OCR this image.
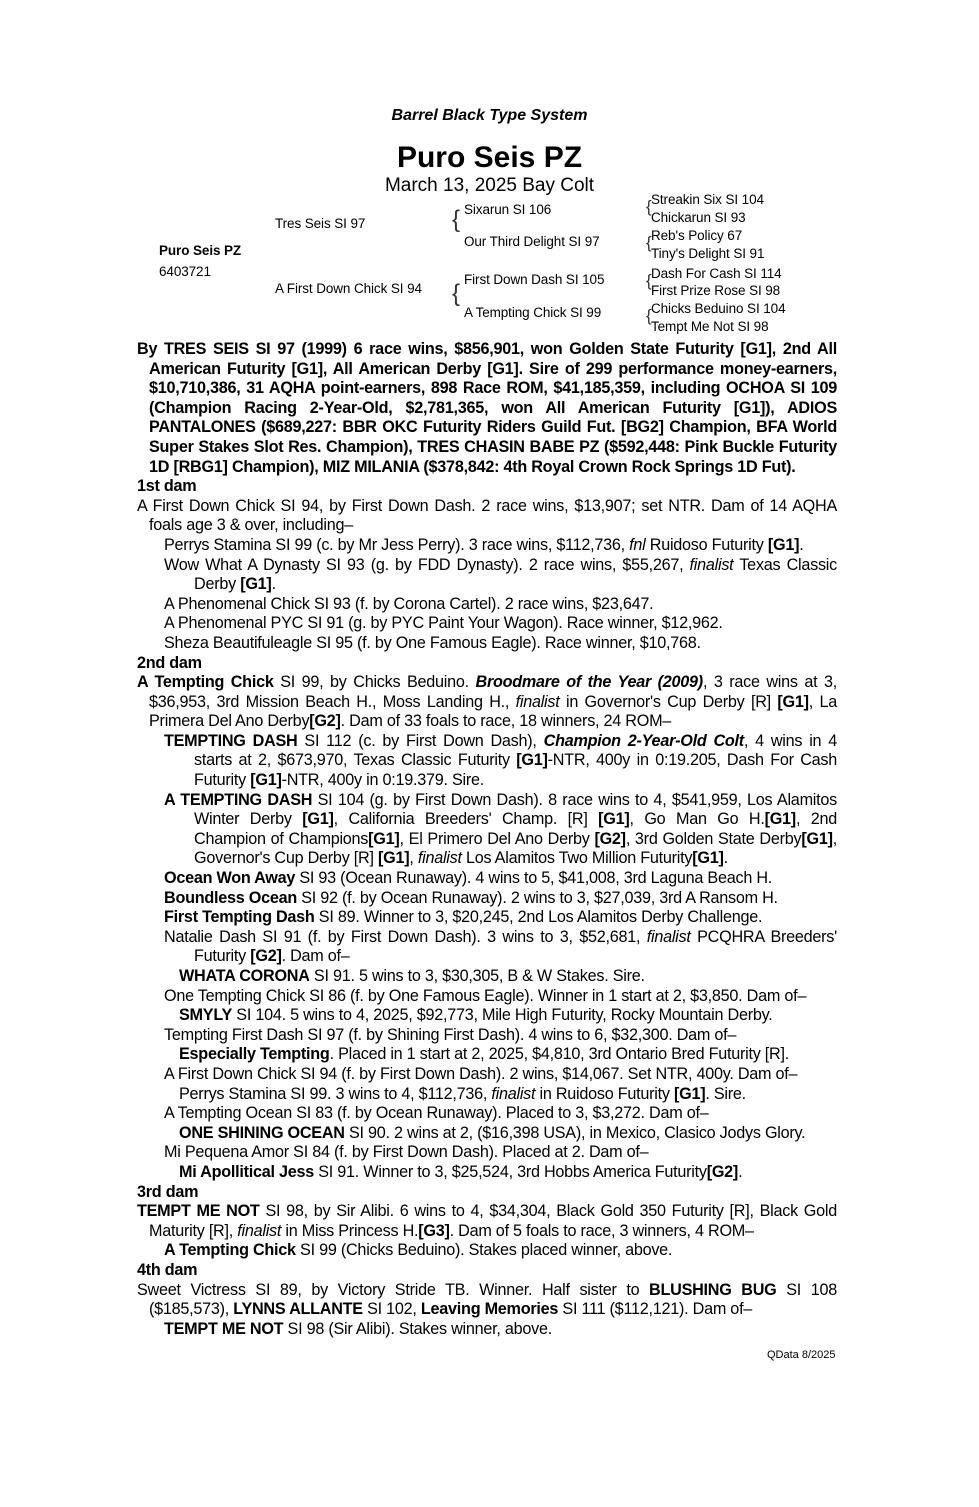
Barrel Black Type System
Puro Seis PZ
March 13, 2025 Bay Colt
Puro Seis PZ
6403721
Tres Seis SI 97
A First Down Chick SI 94
{ Sixarun SI 106
Our Third Delight SI 97
{
First Down Dash SI 105
A Tempting Chick SI 99
{ Streakin Six SI 104
Chickarun SI 93
{ Reb's Policy 67
Tiny's Delight SI 91
{ Dash For Cash SI 114
First Prize Rose SI 98
{ Chicks Beduino SI 104
Tempt Me Not SI 98

By TRES SEIS SI 97 (1999) 6 race wins, $856,901, won Golden State Futurity [G1], 2nd All American Futurity [G1], All American Derby [G1]. Sire of 299 performance money-earners, $10,710,386, 31 AQHA point-earners, 898 Race ROM, $41,185,359, including OCHOA SI 109 (Champion Racing 2-Year-Old, $2,781,365, won All American Futurity [G1]), ADIOS PANTALONES ($689,227: BBR OKC Futurity Riders Guild Fut. [BG2] Champion, BFA World Super Stakes Slot Res. Champion), TRES CHASIN BABE PZ ($592,448: Pink Buckle Futurity 1D [RBG1] Champion), MIZ MILANIA ($378,842: 4th Royal Crown Rock Springs 1D Fut).

1st dam

A First Down Chick SI 94, by First Down Dash. 2 race wins, $13,907; set NTR. Dam of 14 AQHA foals age 3 & over, including–

Perrys Stamina SI 99 (c. by Mr Jess Perry). 3 race wins, $112,736, fnl Ruidoso Futurity [G1].

Wow What A Dynasty SI 93 (g. by FDD Dynasty). 2 race wins, $55,267, finalist Texas Classic Derby [G1].

A Phenomenal Chick SI 93 (f. by Corona Cartel). 2 race wins, $23,647.

A Phenomenal PYC SI 91 (g. by PYC Paint Your Wagon). Race winner, $12,962.

Sheza Beautifuleagle SI 95 (f. by One Famous Eagle). Race winner, $10,768.

2nd dam

A Tempting Chick SI 99, by Chicks Beduino. Broodmare of the Year (2009), 3 race wins at 3, $36,953, 3rd Mission Beach H., Moss Landing H., finalist in Governor's Cup Derby [R] [G1], La Primera Del Ano Derby[G2]. Dam of 33 foals to race, 18 winners, 24 ROM–

TEMPTING DASH SI 112 (c. by First Down Dash), Champion 2-Year-Old Colt, 4 wins in 4 starts at 2, $673,970, Texas Classic Futurity [G1]-NTR, 400y in 0:19.205, Dash For Cash Futurity [G1]-NTR, 400y in 0:19.379. Sire.

A TEMPTING DASH SI 104 (g. by First Down Dash). 8 race wins to 4, $541,959, Los Alamitos Winter Derby [G1], California Breeders' Champ. [R] [G1], Go Man Go H.[G1], 2nd Champion of Champions[G1], El Primero Del Ano Derby [G2], 3rd Golden State Derby[G1], Governor's Cup Derby [R] [G1], finalist Los Alamitos Two Million Futurity[G1].

Ocean Won Away SI 93 (Ocean Runaway). 4 wins to 5, $41,008, 3rd Laguna Beach H.

Boundless Ocean SI 92 (f. by Ocean Runaway). 2 wins to 3, $27,039, 3rd A Ransom H.

First Tempting Dash SI 89. Winner to 3, $20,245, 2nd Los Alamitos Derby Challenge.

Natalie Dash SI 91 (f. by First Down Dash). 3 wins to 3, $52,681, finalist PCQHRA Breeders' Futurity [G2]. Dam of–

WHATA CORONA SI 91. 5 wins to 3, $30,305, B & W Stakes. Sire.

One Tempting Chick SI 86 (f. by One Famous Eagle). Winner in 1 start at 2, $3,850. Dam of–

SMYLY SI 104. 5 wins to 4, 2025, $92,773, Mile High Futurity, Rocky Mountain Derby.

Tempting First Dash SI 97 (f. by Shining First Dash). 4 wins to 6, $32,300. Dam of–

Especially Tempting. Placed in 1 start at 2, 2025, $4,810, 3rd Ontario Bred Futurity [R].

A First Down Chick SI 94 (f. by First Down Dash). 2 wins, $14,067. Set NTR, 400y. Dam of–

Perrys Stamina SI 99. 3 wins to 4, $112,736, finalist in Ruidoso Futurity [G1]. Sire.

A Tempting Ocean SI 83 (f. by Ocean Runaway). Placed to 3, $3,272. Dam of–

ONE SHINING OCEAN SI 90. 2 wins at 2, ($16,398 USA), in Mexico, Clasico Jodys Glory.

Mi Pequena Amor SI 84 (f. by First Down Dash). Placed at 2. Dam of–

Mi Apollitical Jess SI 91. Winner to 3, $25,524, 3rd Hobbs America Futurity[G2].

3rd dam

TEMPT ME NOT SI 98, by Sir Alibi. 6 wins to 4, $34,304, Black Gold 350 Futurity [R], Black Gold Maturity [R], finalist in Miss Princess H.[G3]. Dam of 5 foals to race, 3 winners, 4 ROM–

A Tempting Chick SI 99 (Chicks Beduino). Stakes placed winner, above.

4th dam

Sweet Victress SI 89, by Victory Stride TB. Winner. Half sister to BLUSHING BUG SI 108 ($185,573), LYNNS ALLANTE SI 102, Leaving Memories SI 111 ($112,121). Dam of–

TEMPT ME NOT SI 98 (Sir Alibi). Stakes winner, above.

QData 8/2025
